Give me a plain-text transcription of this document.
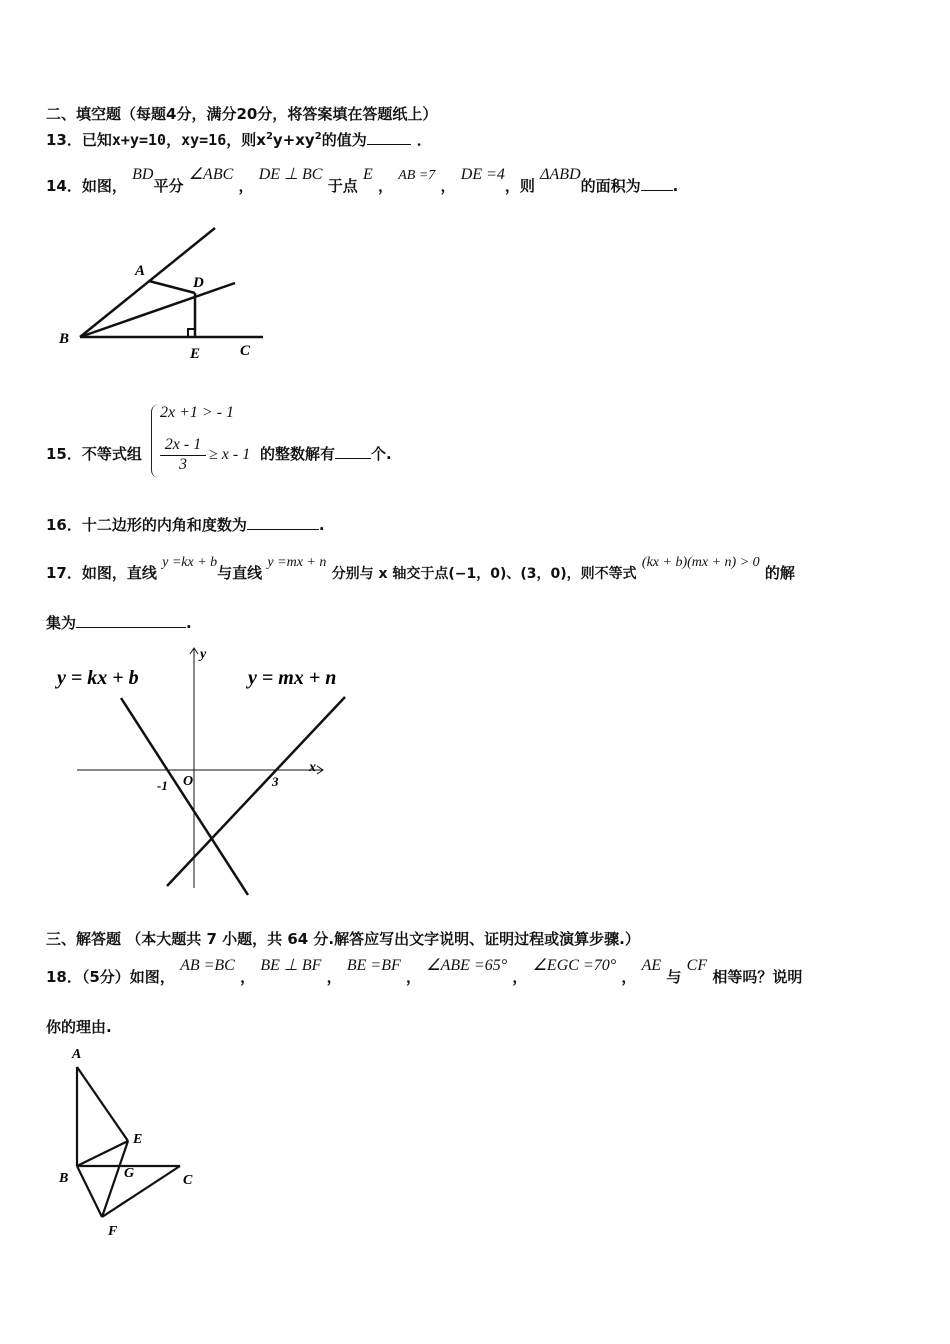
二、填空题（每题4分，满分20分，将答案填在答题纸上）
13．已知x+y=10，xy=16，则$x^2y+xy^2$的值为	．
14．如图， BD平分 ∠ABC ， DE ⊥ BC 于点 E ， AB =7 ， DE =4，则 ΔABD的面积为 .
A
D
B
E	C
15．不等式组
2x +1 > - 1
$\frac{2x - 1}{3} \ge x - 1$ 的整数解有 个.
16．十二边形的内角和度数为	.
17．如图，直线 y =kx + b与直线 y =mx + n 分别与 x 轴交于点(−1，0)、(3，0)，则不等式 (kx + b)(mx + n) > 0 的解
集为	.
y = kx + b	y = mx + n
x
y
O
-1	3
三、解答题 （本大题共 7 小题，共 64 分.解答应写出文字说明、证明过程或演算步骤.）
18．（5分）如图， AB =BC ， BE ⊥ BF ， BE =BF ， ∠ABE =65° ， ∠EGC =70° ， AE 与 CF 相等吗？说明
你的理由.
A
E
B	G	C
F
